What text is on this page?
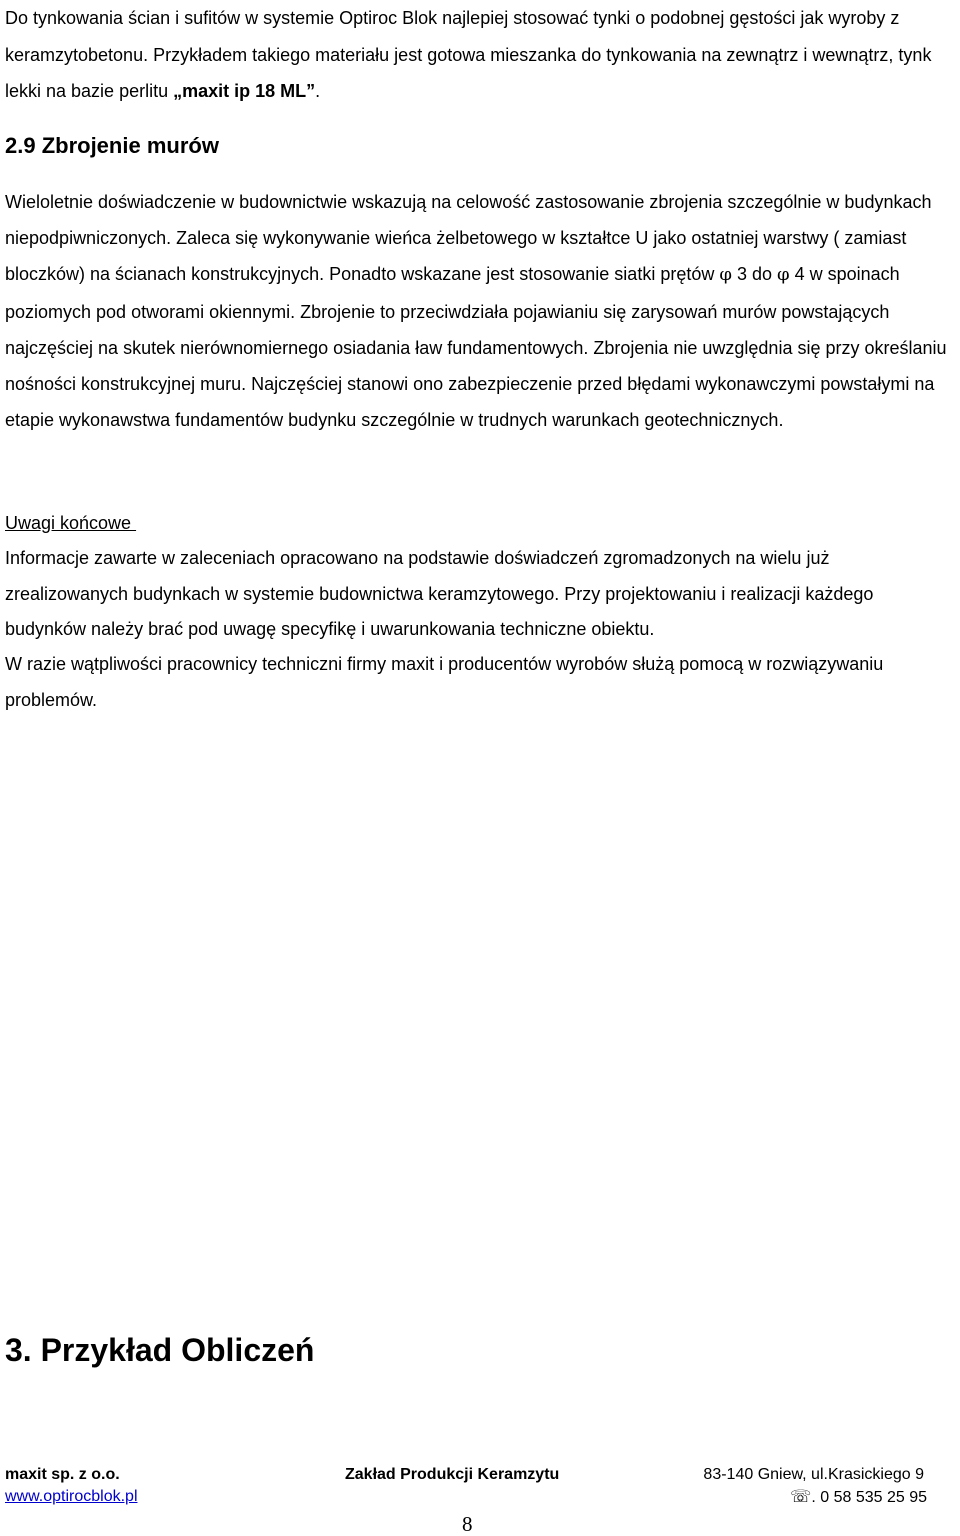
Do tynkowania ścian i sufitów w systemie Optiroc Blok najlepiej stosować tynki o podobnej gęstości jak wyroby z keramzytobetonu. Przykładem takiego materiału jest gotowa mieszanka do tynkowania na zewnątrz i wewnątrz, tynk lekki na bazie perlitu „maxit ip 18 ML”.

2.9 Zbrojenie murów

Wieloletnie doświadczenie w budownictwie wskazują na celowość zastosowanie zbrojenia szczególnie w budynkach niepodpiwniczonych. Zaleca się wykonywanie wieńca żelbetowego w kształtce U jako ostatniej warstwy ( zamiast bloczków) na ścianach konstrukcyjnych. Ponadto wskazane jest stosowanie siatki prętów φ 3 do φ 4 w spoinach poziomych pod otworami okiennymi. Zbrojenie to przeciwdziała pojawianiu się zarysowań murów powstających najczęściej na skutek nierównomiernego osiadania ław fundamentowych. Zbrojenia nie uwzględnia się przy określaniu nośności konstrukcyjnej muru. Najczęściej stanowi ono zabezpieczenie przed błędami wykonawczymi powstałymi na etapie wykonawstwa fundamentów budynku szczególnie w trudnych warunkach geotechnicznych.

Uwagi końcowe

Informacje zawarte w zaleceniach opracowano na podstawie doświadczeń zgromadzonych na wielu już zrealizowanych budynkach w systemie budownictwa keramzytowego. Przy projektowaniu i realizacji każdego budynków należy brać pod uwagę specyfikę i uwarunkowania techniczne obiektu.

W razie wątpliwości pracownicy techniczni firmy maxit i producentów wyrobów służą pomocą w rozwiązywaniu problemów.

3. Przykład Obliczeń
maxit sp. z o.o.	Zakład Produkcji Keramzytu	83-140 Gniew, ul.Krasickiego 9
www.optirocblok.pl	☏. 0 58 535 25 95
8
